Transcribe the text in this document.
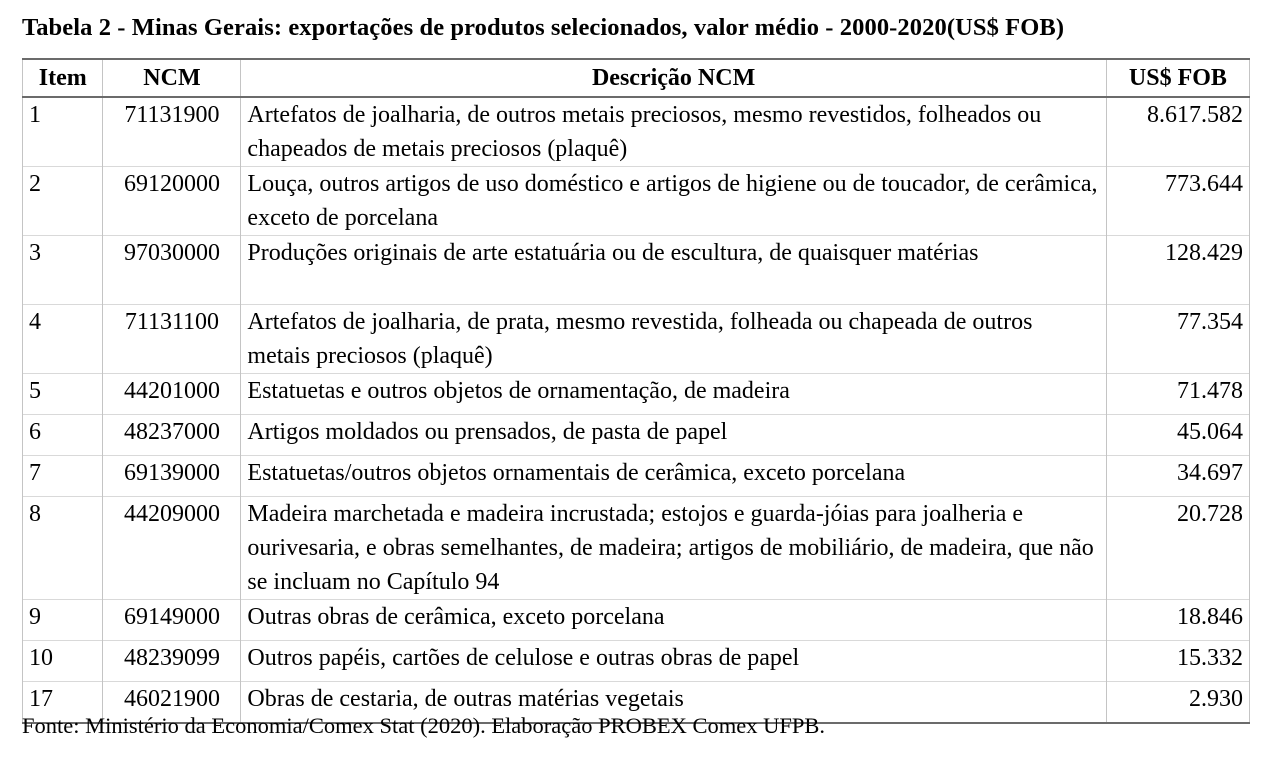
Tabela 2 - Minas Gerais: exportações de produtos selecionados, valor médio - 2000-2020(US$ FOB)
Item	NCM	Descrição NCM	US$ FOB
1	71131900	Artefatos de joalharia, de outros metais preciosos, mesmo revestidos, folheados ou chapeados de metais preciosos (plaquê)	8.617.582
2	69120000	Louça, outros artigos de uso doméstico e artigos de higiene ou de toucador, de cerâmica, exceto de porcelana	773.644
3	97030000	Produções originais de arte estatuária ou de escultura, de quaisquer matérias	128.429
4	71131100	Artefatos de joalharia, de prata, mesmo revestida, folheada ou chapeada de outros metais preciosos (plaquê)	77.354
5	44201000	Estatuetas e outros objetos de ornamentação, de madeira	71.478
6	48237000	Artigos moldados ou prensados, de pasta de papel	45.064
7	69139000	Estatuetas/outros objetos ornamentais de cerâmica, exceto porcelana	34.697
8	44209000	Madeira marchetada e madeira incrustada; estojos e guarda-jóias para joalheria e ourivesaria, e obras semelhantes, de madeira; artigos de mobiliário, de madeira, que não se incluam no Capítulo 94	20.728
9	69149000	Outras obras de cerâmica, exceto porcelana	18.846
10	48239099	Outros papéis, cartões de celulose e outras obras de papel	15.332
17	46021900	Obras de cestaria, de outras matérias vegetais	2.930
Fonte: Ministério da Economia/Comex Stat (2020). Elaboração PROBEX Comex UFPB.
